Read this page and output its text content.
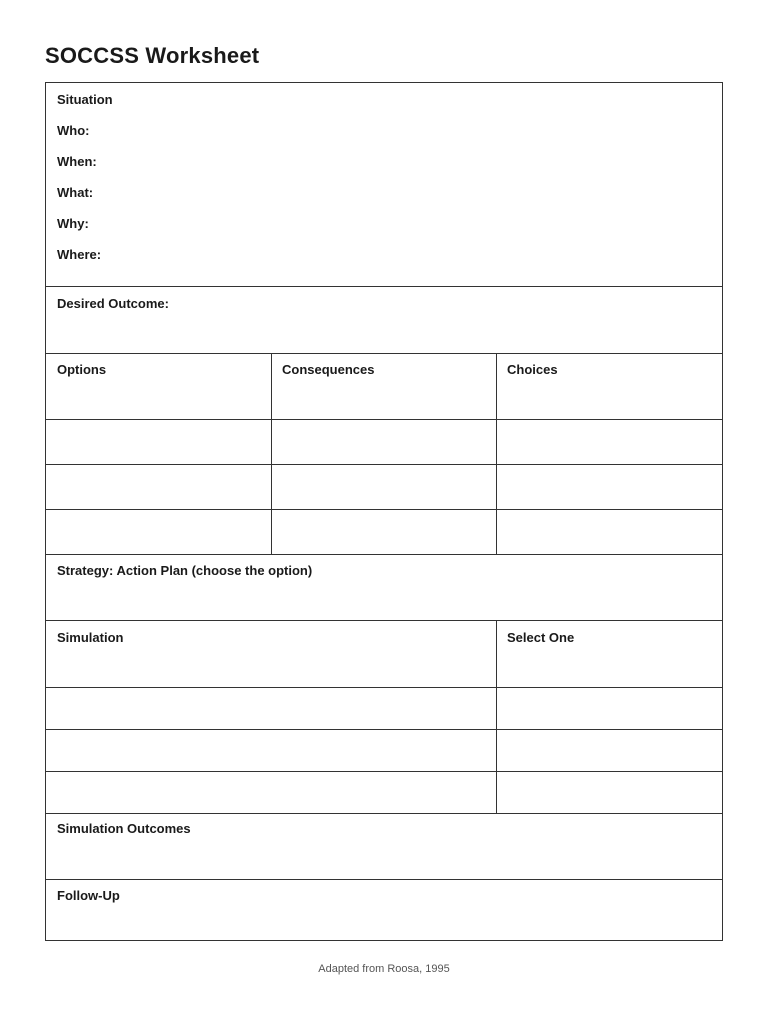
SOCCSS Worksheet
Situation
Who:
When:
What:
Why:
Where:
Desired Outcome:
Options	Consequences	Choices
Strategy: Action Plan (choose the option)
Simulation	Select One
Simulation Outcomes
Follow-Up
Adapted from Roosa, 1995
